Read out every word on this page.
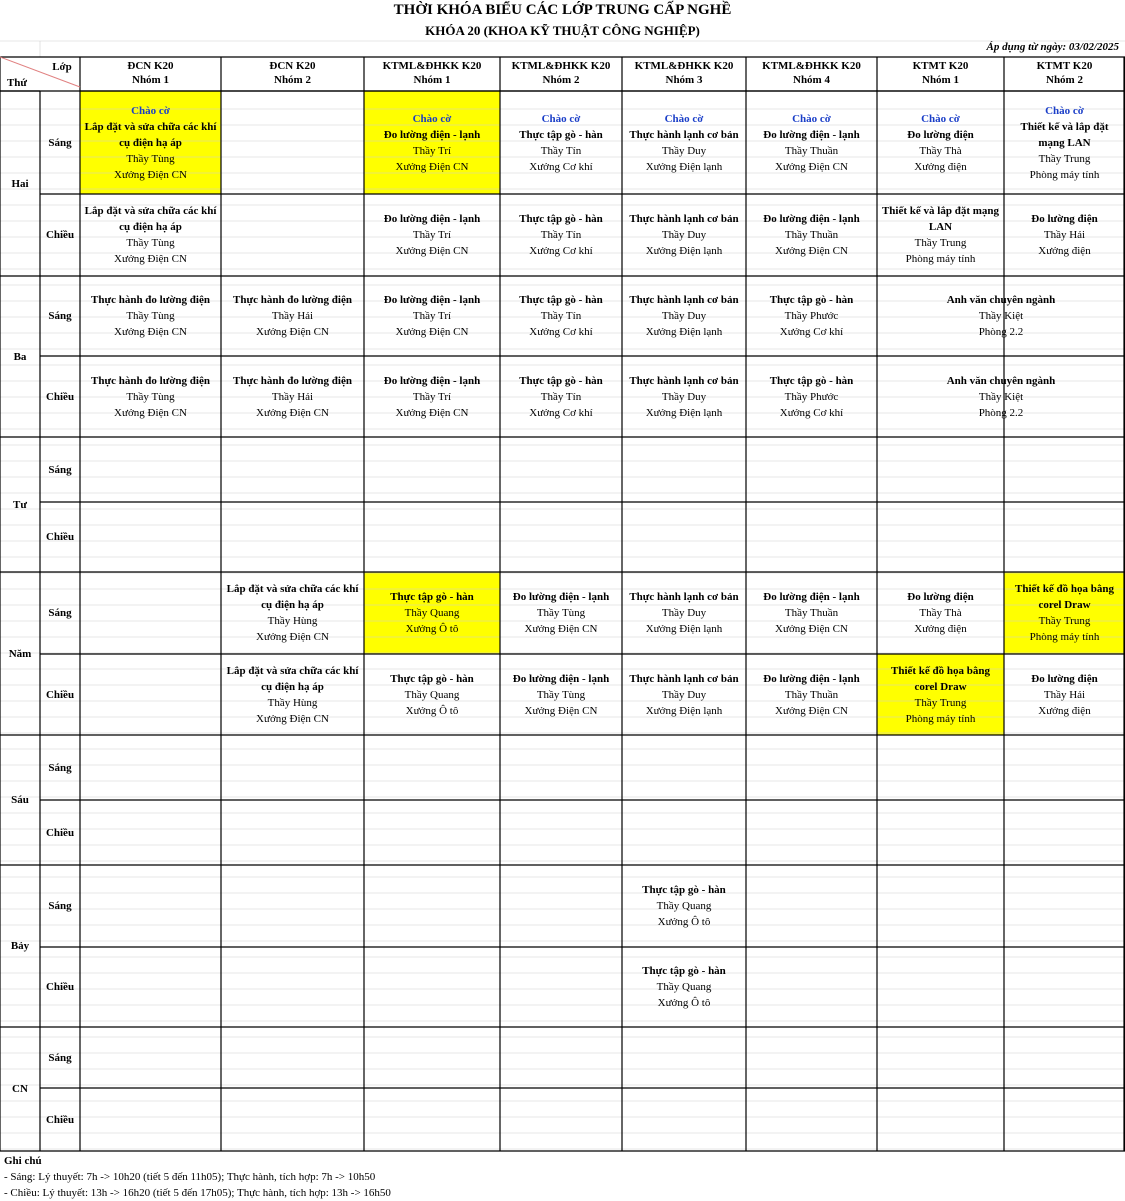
THỜI KHÓA BIỂU CÁC LỚP TRUNG CẤP NGHỀ
KHÓA 20 (KHOA KỸ THUẬT CÔNG NGHIỆP)
Áp dụng từ ngày: 03/02/2025
Lớp
Thứ
ĐCN K20
Nhóm 1
ĐCN K20
Nhóm 2
KTML&ĐHKK K20
Nhóm 1
KTML&ĐHKK K20
Nhóm 2
KTML&ĐHKK K20
Nhóm 3
KTML&ĐHKK K20
Nhóm 4
KTMT K20
Nhóm 1
KTMT K20
Nhóm 2
Hai
Sáng
Chiều
Ba
Sáng
Chiều
Tư
Sáng
Chiều
Năm
Sáng
Chiều
Sáu
Sáng
Chiều
Bảy
Sáng
Chiều
CN
Sáng
Chiều
Chào cờ
Lắp đặt và sửa chữa các khí cụ điện hạ áp
Thầy Tùng
Xưởng Điện CN
Chào cờ
Đo lường điện - lạnh
Thầy Trí
Xưởng Điện CN
Chào cờ
Thực tập gò - hàn
Thầy Tín
Xưởng Cơ khí
Chào cờ
Thực hành lạnh cơ bản
Thầy Duy
Xưởng Điện lạnh
Chào cờ
Đo lường điện - lạnh
Thầy Thuần
Xưởng Điện CN
Chào cờ
Đo lường điện
Thầy Thà
Xưởng điện
Chào cờ
Thiết kế và lắp đặt mạng LAN
Thầy Trung
Phòng máy tính
Lắp đặt và sửa chữa các khí cụ điện hạ áp
Thầy Tùng
Xưởng Điện CN
Đo lường điện - lạnh
Thầy Trí
Xưởng Điện CN
Thực tập gò - hàn
Thầy Tín
Xưởng Cơ khí
Thực hành lạnh cơ bản
Thầy Duy
Xưởng Điện lạnh
Đo lường điện - lạnh
Thầy Thuần
Xưởng Điện CN
Thiết kế và lắp đặt mạng LAN
Thầy Trung
Phòng máy tính
Đo lường điện
Thầy Hải
Xưởng điện
Thực hành đo lường điện
Thầy Tùng
Xưởng Điện CN
Thực hành đo lường điện
Thầy Hải
Xưởng Điện CN
Đo lường điện - lạnh
Thầy Trí
Xưởng Điện CN
Thực tập gò - hàn
Thầy Tín
Xưởng Cơ khí
Thực hành lạnh cơ bản
Thầy Duy
Xưởng Điện lạnh
Thực tập gò - hàn
Thầy Phước
Xưởng Cơ khí
Anh văn chuyên ngành
Thầy Kiệt
Phòng 2.2
Thực hành đo lường điện
Thầy Tùng
Xưởng Điện CN
Thực hành đo lường điện
Thầy Hải
Xưởng Điện CN
Đo lường điện - lạnh
Thầy Trí
Xưởng Điện CN
Thực tập gò - hàn
Thầy Tín
Xưởng Cơ khí
Thực hành lạnh cơ bản
Thầy Duy
Xưởng Điện lạnh
Thực tập gò - hàn
Thầy Phước
Xưởng Cơ khí
Anh văn chuyên ngành
Thầy Kiệt
Phòng 2.2
Lắp đặt và sửa chữa các khí cụ điện hạ áp
Thầy Hùng
Xưởng Điện CN
Thực tập gò - hàn
Thầy Quang
Xưởng Ô tô
Đo lường điện - lạnh
Thầy Tùng
Xưởng Điện CN
Thực hành lạnh cơ bản
Thầy Duy
Xưởng Điện lạnh
Đo lường điện - lạnh
Thầy Thuần
Xưởng Điện CN
Đo lường điện
Thầy Thà
Xưởng điện
Thiết kế đồ họa bằng corel Draw
Thầy Trung
Phòng máy tính
Lắp đặt và sửa chữa các khí cụ điện hạ áp
Thầy Hùng
Xưởng Điện CN
Thực tập gò - hàn
Thầy Quang
Xưởng Ô tô
Đo lường điện - lạnh
Thầy Tùng
Xưởng Điện CN
Thực hành lạnh cơ bản
Thầy Duy
Xưởng Điện lạnh
Đo lường điện - lạnh
Thầy Thuần
Xưởng Điện CN
Thiết kế đồ họa bằng corel Draw
Thầy Trung
Phòng máy tính
Đo lường điện
Thầy Hải
Xưởng điện
Thực tập gò - hàn
Thầy Quang
Xưởng Ô tô
Thực tập gò - hàn
Thầy Quang
Xưởng Ô tô
Ghi chú
- Sáng: Lý thuyết: 7h -> 10h20 (tiết 5 đến 11h05); Thực hành, tích hợp: 7h -> 10h50
- Chiều: Lý thuyết: 13h -> 16h20 (tiết 5 đến 17h05); Thực hành, tích hợp: 13h -> 16h50
